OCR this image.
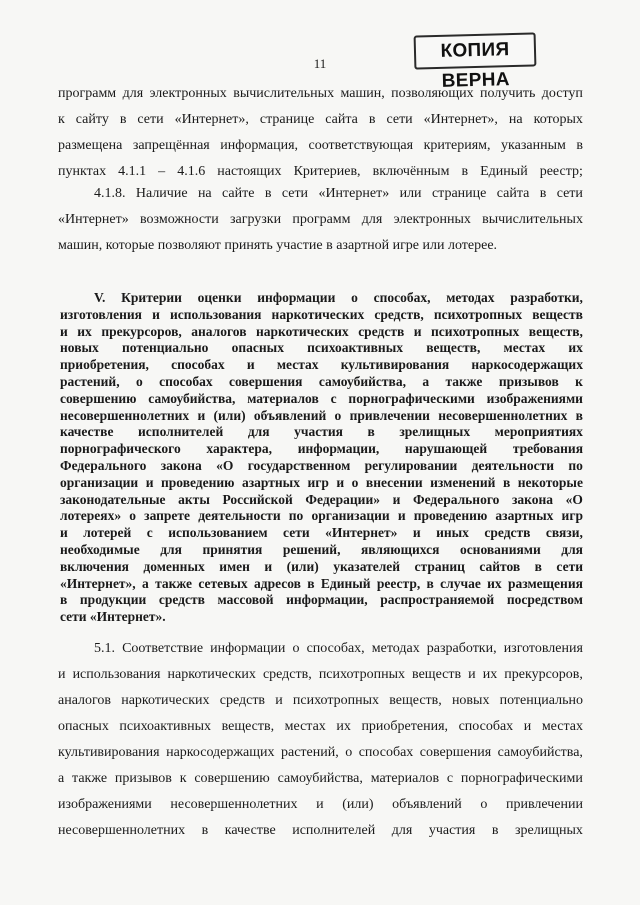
11
КОПИЯ ВЕРНА
программ для электронных вычислительных машин, позволяющих получить доступ
к сайту в сети «Интернет», странице сайта в сети «Интернет», на которых
размещена запрещённая информация, соответствующая критериям, указанным в
пунктах 4.1.1 – 4.1.6 настоящих Критериев, включённым в Единый реестр;
4.1.8. Наличие на сайте в сети «Интернет» или странице сайта в сети
«Интернет» возможности загрузки программ для электронных вычислительных
машин, которые позволяют принять участие в азартной игре или лотерее.
V. Критерии оценки информации о способах, методах разработки,
изготовления и использования наркотических средств, психотропных веществ
и их прекурсоров, аналогов наркотических средств и психотропных веществ,
новых потенциально опасных психоактивных веществ, местах их
приобретения, способах и местах культивирования наркосодержащих
растений, о способах совершения самоубийства, а также призывов к
совершению самоубийства, материалов с порнографическими изображениями
несовершеннолетних и (или) объявлений о привлечении несовершеннолетних в
качестве исполнителей для участия в зрелищных мероприятиях
порнографического характера, информации, нарушающей требования
Федерального закона «О государственном регулировании деятельности по
организации и проведению азартных игр и о внесении изменений в некоторые
законодательные акты Российской Федерации» и Федерального закона «О
лотереях» о запрете деятельности по организации и проведению азартных игр
и лотерей с использованием сети «Интернет» и иных средств связи,
необходимые для принятия решений, являющихся основаниями для
включения доменных имен и (или) указателей страниц сайтов в сети
«Интернет», а также сетевых адресов в Единый реестр, в случае их размещения
в продукции средств массовой информации, распространяемой посредством
сети «Интернет».
5.1. Соответствие информации о способах, методах разработки, изготовления
и использования наркотических средств, психотропных веществ и их прекурсоров,
аналогов наркотических средств и психотропных веществ, новых потенциально
опасных психоактивных веществ, местах их приобретения, способах и местах
культивирования наркосодержащих растений, о способах совершения самоубийства,
а также призывов к совершению самоубийства, материалов с порнографическими
изображениями несовершеннолетних и (или) объявлений о привлечении
несовершеннолетних в качестве исполнителей для участия в зрелищных
